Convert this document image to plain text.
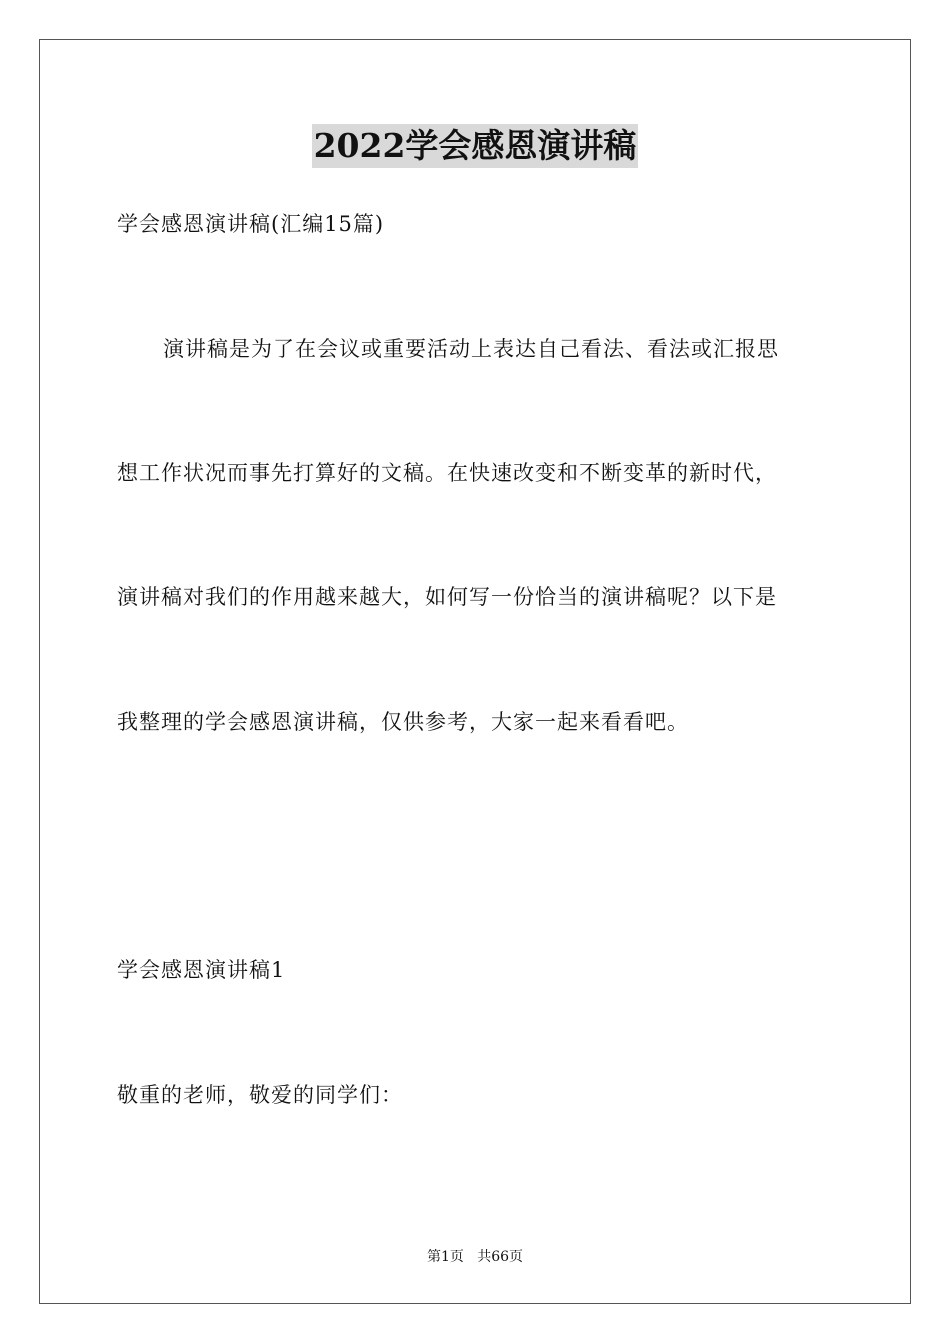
2022学会感恩演讲稿
学会感恩演讲稿(汇编15篇)
演讲稿是为了在会议或重要活动上表达自己看法、看法或汇报思
想工作状况而事先打算好的文稿。在快速改变和不断变革的新时代，
演讲稿对我们的作用越来越大，如何写一份恰当的演讲稿呢？以下是
我整理的学会感恩演讲稿，仅供参考，大家一起来看看吧。
学会感恩演讲稿1
敬重的老师，敬爱的同学们：
第1页   共66页
